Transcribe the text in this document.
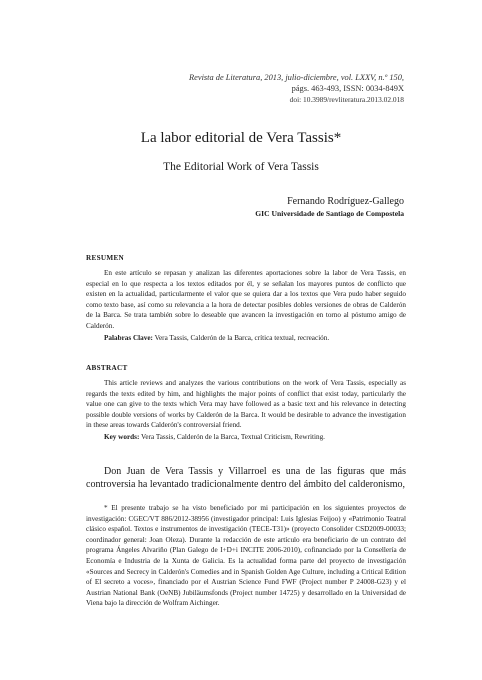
Revista de Literatura, 2013, julio-diciembre, vol. LXXV, n.º 150,
págs. 463-493, ISSN: 0034-849X
doi: 10.3989/revliteratura.2013.02.018
La labor editorial de Vera Tassis*
The Editorial Work of Vera Tassis
Fernando Rodríguez-Gallego
GIC Universidade de Santiago de Compostela
RESUMEN

En este artículo se repasan y analizan las diferentes aportaciones sobre la labor de Vera Tassis, en especial en lo que respecta a los textos editados por él, y se señalan los mayores puntos de conflicto que existen en la actualidad, particularmente el valor que se quiera dar a los textos que Vera pudo haber seguido como texto base, así como su relevancia a la hora de detectar posibles dobles versiones de obras de Calderón de la Barca. Se trata también sobre lo deseable que avancen la investigación en torno al póstumo amigo de Calderón.

Palabras Clave: Vera Tassis, Calderón de la Barca, crítica textual, recreación.

ABSTRACT

This article reviews and analyzes the various contributions on the work of Vera Tassis, especially as regards the texts edited by him, and highlights the major points of conflict that exist today, particularly the value one can give to the texts which Vera may have followed as a basic text and his relevance in detecting possible double versions of works by Calderón de la Barca. It would be desirable to advance the investigation in these areas towards Calderón's controversial friend.

Key words: Vera Tassis, Calderón de la Barca, Textual Criticism, Rewriting.

Don Juan de Vera Tassis y Villarroel es una de las figuras que más controversia ha levantado tradicionalmente dentro del ámbito del calderonismo,

* El presente trabajo se ha visto beneficiado por mi participación en los siguientes proyectos de investigación: CGEC/VT 886/2012-38956 (investigador principal: Luis Iglesias Feijoo) y «Patrimonio Teatral clásico español. Textos e instrumentos de investigación (TECE-T31)» (proyecto Consolider CSD2009-00033; coordinador general: Joan Oleza). Durante la redacción de este artículo era beneficiario de un contrato del programa Ángeles Alvariño (Plan Galego de I+D+i INCITE 2006-2010), cofinanciado por la Consellería de Economía e Industria de la Xunta de Galicia. Es la actualidad forma parte del proyecto de investigación «Sources and Secrecy in Calderón's Comedies and in Spanish Golden Age Culture, including a Critical Edition of El secreto a voces», financiado por el Austrian Science Fund FWF (Project number P 24008-G23) y el Austrian National Bank (OeNB) Jubiläumsfonds (Project number 14725) y desarrollado en la Universidad de Viena bajo la dirección de Wolfram Aichinger.
